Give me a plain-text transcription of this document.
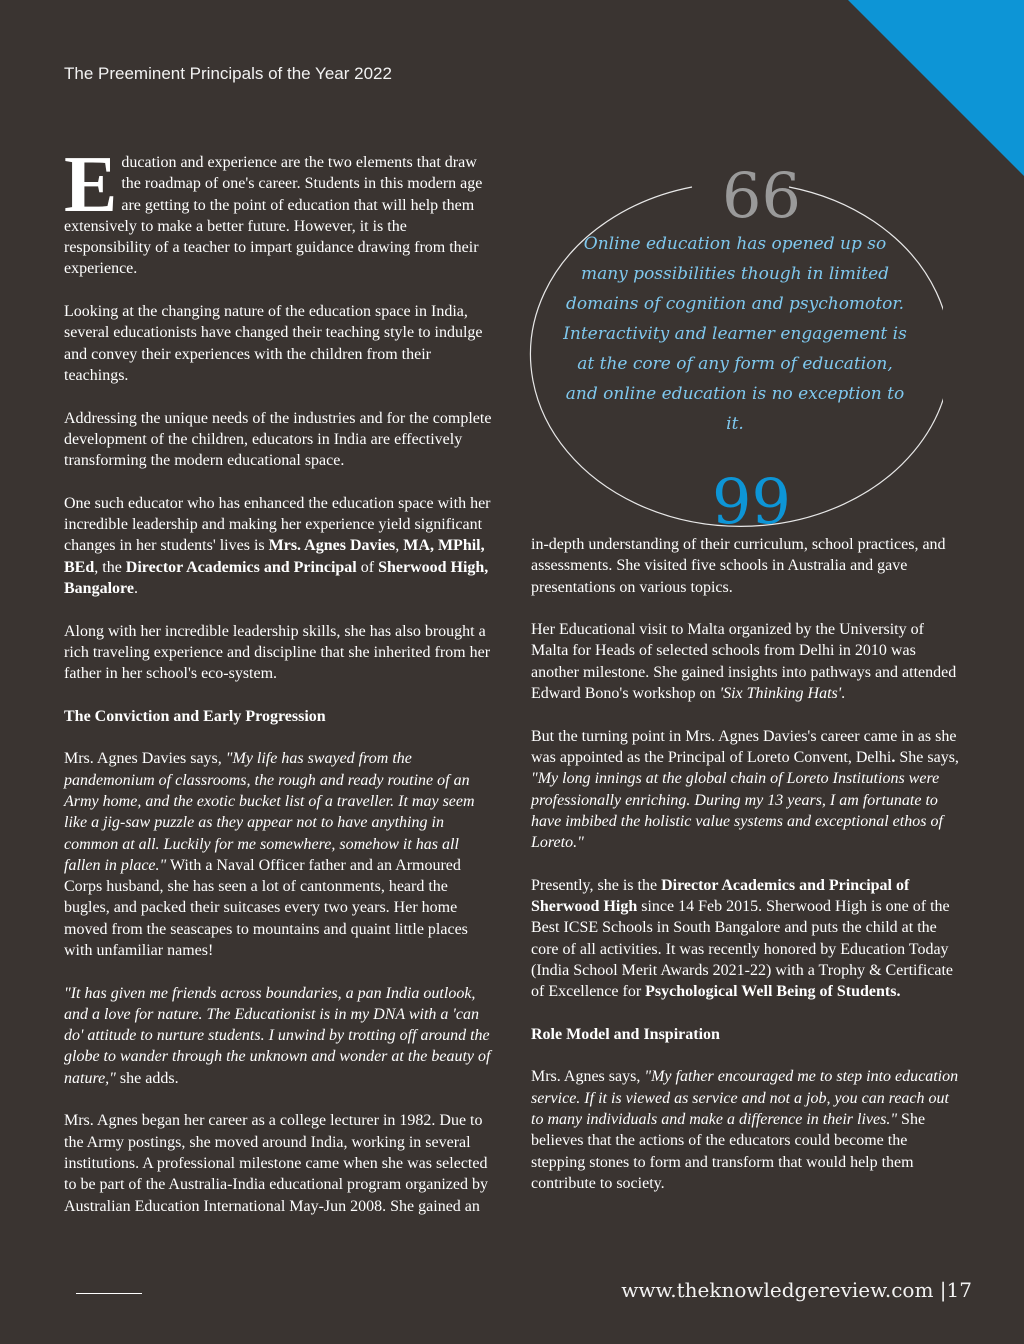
The Preeminent Principals of the Year 2022

Education and experience are the two elements that draw the roadmap of one's career. Students in this modern age are getting to the point of education that will help them extensively to make a better future. However, it is the responsibility of a teacher to impart guidance drawing from their experience.

Looking at the changing nature of the education space in India, several educationists have changed their teaching style to indulge and convey their experiences with the children from their teachings.

Addressing the unique needs of the industries and for the complete development of the children, educators in India are effectively transforming the modern educational space.

One such educator who has enhanced the education space with her incredible leadership and making her experience yield significant changes in her students' lives is Mrs. Agnes Davies, MA, MPhil, BEd, the Director Academics and Principal of Sherwood High, Bangalore.

Along with her incredible leadership skills, she has also brought a rich traveling experience and discipline that she inherited from her father in her school's eco-system.

The Conviction and Early Progression

Mrs. Agnes Davies says, "My life has swayed from the pandemonium of classrooms, the rough and ready routine of an Army home, and the exotic bucket list of a traveller. It may seem like a jig-saw puzzle as they appear not to have anything in common at all. Luckily for me somewhere, somehow it has all fallen in place." With a Naval Officer father and an Armoured Corps husband, she has seen a lot of cantonments, heard the bugles, and packed their suitcases every two years. Her home moved from the seascapes to mountains and quaint little places with unfamiliar names!

"It has given me friends across boundaries, a pan India outlook, and a love for nature. The Educationist is in my DNA with a 'can do' attitude to nurture students. I unwind by trotting off around the globe to wander through the unknown and wonder at the beauty of nature," she adds.

Mrs. Agnes began her career as a college lecturer in 1982. Due to the Army postings, she moved around India, working in several institutions. A professional milestone came when she was selected to be part of the Australia-India educational program organized by Australian Education International May-Jun 2008. She gained an

66
99

Online education has opened up so many possibilities though in limited domains of cognition and psychomotor. Interactivity and learner engagement is at the core of any form of education, and online education is no exception to it.

in-depth understanding of their curriculum, school practices, and assessments. She visited five schools in Australia and gave presentations on various topics.

Her Educational visit to Malta organized by the University of Malta for Heads of selected schools from Delhi in 2010 was another milestone. She gained insights into pathways and attended Edward Bono's workshop on 'Six Thinking Hats'.

But the turning point in Mrs. Agnes Davies's career came in as she was appointed as the Principal of Loreto Convent, Delhi. She says, "My long innings at the global chain of Loreto Institutions were professionally enriching. During my 13 years, I am fortunate to have imbibed the holistic value systems and exceptional ethos of Loreto."

Presently, she is the Director Academics and Principal of Sherwood High since 14 Feb 2015. Sherwood High is one of the Best ICSE Schools in South Bangalore and puts the child at the core of all activities. It was recently honored by Education Today (India School Merit Awards 2021-22) with a Trophy & Certificate of Excellence for Psychological Well Being of Students.

Role Model and Inspiration

Mrs. Agnes says, "My father encouraged me to step into education service. If it is viewed as service and not a job, you can reach out to many individuals and make a difference in their lives." She believes that the actions of the educators could become the stepping stones to form and transform that would help them contribute to society.

www.theknowledgereview.com |17
